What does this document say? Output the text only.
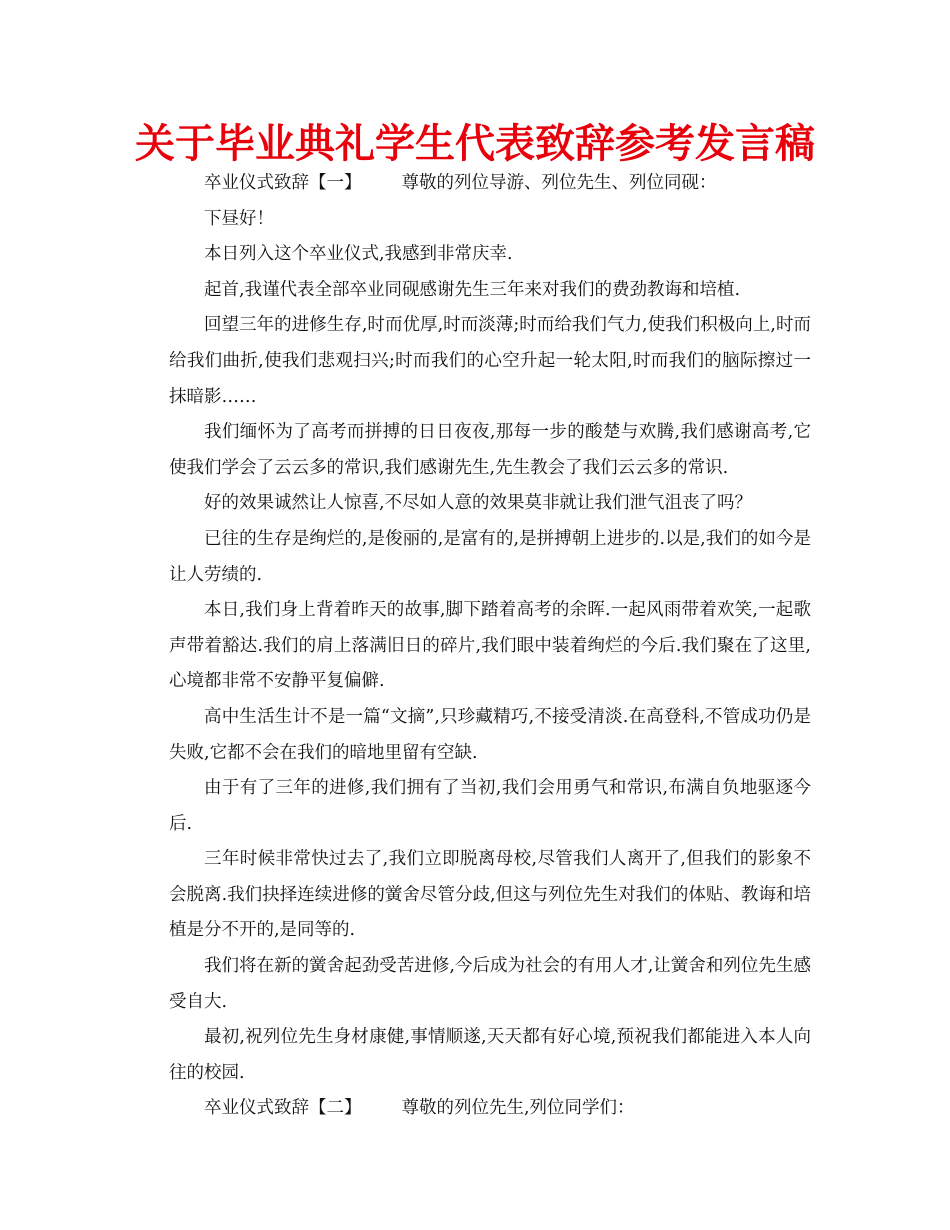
关于毕业典礼学生代表致辞参考发言稿

卒业仪式致辞【一】 尊敬的列位导游、列位先生、列位同砚：

下昼好！

本日列入这个卒业仪式,我感到非常庆幸.

起首,我谨代表全部卒业同砚感谢先生三年来对我们的费劲教诲和培植.

回望三年的进修生存,时而优厚,时而淡薄;时而给我们气力,使我们积极向上,时而给我们曲折,使我们悲观扫兴;时而我们的心空升起一轮太阳,时而我们的脑际擦过一抹暗影……

我们缅怀为了高考而拼搏的日日夜夜,那每一步的酸楚与欢腾,我们感谢高考,它使我们学会了云云多的常识,我们感谢先生,先生教会了我们云云多的常识.

好的效果诚然让人惊喜,不尽如人意的效果莫非就让我们泄气沮丧了吗？

已往的生存是绚烂的,是俊丽的,是富有的,是拼搏朝上进步的.以是,我们的如今是让人劳绩的.

本日,我们身上背着昨天的故事,脚下踏着高考的余晖.一起风雨带着欢笑,一起歌声带着豁达.我们的肩上落满旧日的碎片,我们眼中装着绚烂的今后.我们聚在了这里,心境都非常不安静平复偏僻.

高中生活生计不是一篇“文摘”,只珍藏精巧,不接受清淡.在高登科,不管成功仍是失败,它都不会在我们的暗地里留有空缺.

由于有了三年的进修,我们拥有了当初,我们会用勇气和常识,布满自负地驱逐今后.

三年时候非常快过去了,我们立即脱离母校,尽管我们人离开了,但我们的影象不会脱离.我们抉择连续进修的黉舍尽管分歧,但这与列位先生对我们的体贴、教诲和培植是分不开的,是同等的.

我们将在新的黉舍起劲受苦进修,今后成为社会的有用人才,让黉舍和列位先生感受自大.

最初,祝列位先生身材康健,事情顺遂,天天都有好心境,预祝我们都能进入本人向往的校园.

卒业仪式致辞【二】 尊敬的列位先生,列位同学们：
